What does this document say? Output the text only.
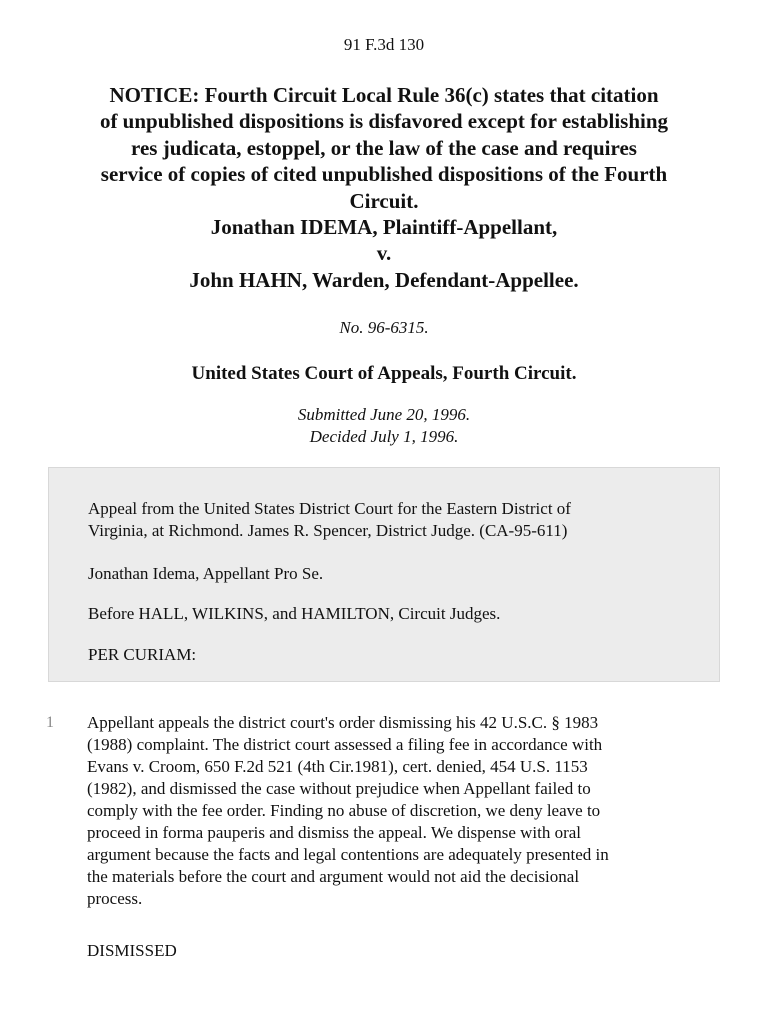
91 F.3d 130
NOTICE: Fourth Circuit Local Rule 36(c) states that citation
of unpublished dispositions is disfavored except for establishing
res judicata, estoppel, or the law of the case and requires
service of copies of cited unpublished dispositions of the Fourth
Circuit.
Jonathan IDEMA, Plaintiff-Appellant,
v.
John HAHN, Warden, Defendant-Appellee.
No. 96-6315.
United States Court of Appeals, Fourth Circuit.
Submitted June 20, 1996.
Decided July 1, 1996.

Appeal from the United States District Court for the Eastern District of
Virginia, at Richmond. James R. Spencer, District Judge. (CA-95-611)

Jonathan Idema, Appellant Pro Se.

Before HALL, WILKINS, and HAMILTON, Circuit Judges.

PER CURIAM:

1 Appellant appeals the district court's order dismissing his 42 U.S.C. § 1983
(1988) complaint. The district court assessed a filing fee in accordance with
Evans v. Croom, 650 F.2d 521 (4th Cir.1981), cert. denied, 454 U.S. 1153
(1982), and dismissed the case without prejudice when Appellant failed to
comply with the fee order. Finding no abuse of discretion, we deny leave to
proceed in forma pauperis and dismiss the appeal. We dispense with oral
argument because the facts and legal contentions are adequately presented in
the materials before the court and argument would not aid the decisional
process.

DISMISSED
